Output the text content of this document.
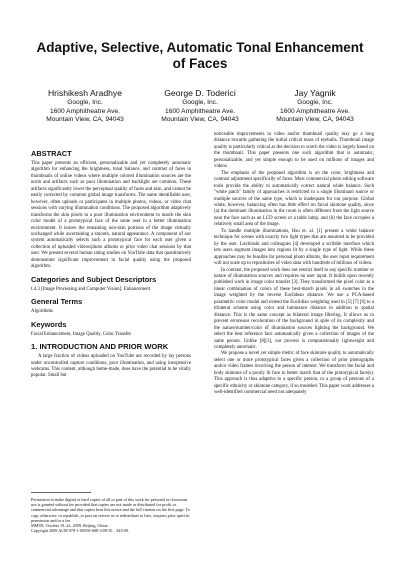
Adaptive, Selective, Automatic Tonal Enhancement of Faces
Hrishikesh Aradhye
Google, Inc.
1600 Amphitheatre Ave.
Mountain View, CA, 94043
George D. Toderici
Google, Inc.
1600 Amphitheatre Ave.
Mountain View, CA, 94043
Jay Yagnik
Google, Inc.
1600 Amphitheatre Ave.
Mountain View, CA, 94043
ABSTRACT

This paper presents an efficient, personalizable and yet completely automatic algorithm for enhancing the brightness, tonal balance, and contrast of faces in thumbnails of online videos where multiple colored illumination sources are the norm and artifacts such as poor illumination and backlight are common. These artifacts significantly lower the perceptual quality of faces and skin, and cannot be easily corrected by common global image transforms. The same identifiable user, however, often uploads or participates in multiple photos, videos, or video chat sessions with varying illumination conditions. The proposed algorithm adaptively transforms the skin pixels in a poor illumination environment to match the skin color model of a prototypical face of the same user in a better illumination environment. It leaves the remaining non-skin portions of the image virtually unchanged while ascertaining a smooth, natural appearance. A component of our system automatically selects such a prototypical face for each user given a collection of uploaded videos/photo albums or prior video chat sessions by that user. We present several human rating studies on YouTube data that quantitatively demonstrate significant improvement in facial quality using the proposed algorithm.

Categories and Subject Descriptors

I.4.3 [Image Processing and Computer Vision]: Enhancement

General Terms

Algorithms

Keywords

Facial Enhancement, Image Quality, Color Transfer

1. INTRODUCTION AND PRIOR WORK

A large fraction of videos uploaded on YouTube are recorded by lay persons under uncontrolled capture conditions, poor illumination, and using inexpensive webcams. This content, although home-made, does have the potential to be vitally popular. Small but

Permission to make digital or hard copies of all or part of this work for personal or classroom use is granted without fee provided that copies are not made or distributed for profit or commercial advantage and that copies bear this notice and the full citation on the first page. To copy otherwise, to republish, to post on servers or to redistribute to lists, requires prior specific permission and/or a fee.

MM'09, October 19–24, 2009, Beijing, China.

Copyright 2009 ACM 978-1-60558-608-3/09/10 ...$10.00.

noticeable improvements in video and/or thumbnail quality may go a long distance towards gathering the initial critical mass of eyeballs. Thumbnail image quality is particularly critical as the decision to watch the video is largely based on the thumbnail. This paper presents one such algorithm that is automatic, personalizable, and yet simple enough to be used on millions of images and videos.

The emphasis of the proposed algorithm is on the color, brightness and contrast adjustment specifically of faces. Most commercial photo editing software tools provide the ability to automatically correct natural white balance. Such "white patch" family of approaches is restricted to a single illuminant source or multiple sources of the same type, which is inadequate for our purpose. Global white, however, balancing often has little effect on facial skintone quality, since (a) the dominant illumination in the room is often different from the light source near the face such as an LCD screen or a table lamp, and (b) the face occupies a relatively small area of the image.

To handle multiple illuminations, Hsu et. al. [1] present a white balance technique for scenes with exactly two light types that are assumed to be provided by the user. Lischinski and colleagues [4] developed a scribble interface which lets users segment images into regions lit by a single type of light. While these approaches may be feasible for personal photo albums, the user input requirement will not scale up to repositories of video data with hundreds of millions of videos.

In contrast, the proposed work does not restrict itself to any specific number or nature of illumination sources and requires no user input. It builds upon recently published work in image color transfer [3]. They transformed the pixel color as a linear combination of colors of these best-match pixels in all swatches in the image weighted by the inverse Euclidean distance. We use a PCA-based parametric color model and extend the Euclidian weighting used in [5] [7] [6] to a trilateral scheme using color and luminance distance in addition to spatial distance. This is the same concept as bilateral image filtering. It allows us to prevent erroneous recoloration of the background in spite of its complexity and the nature/number/color of illumination sources lighting the background. We select the best reference face automatically given a collection of images of the same person. Unlike [8][3], our process is computationally lightweight and completely automatic.

We propose a novel yet simple metric of face skintone quality to automatically select one or more prototypical faces given a collection of prior photographs and/or video frames involving the person of interest. We transform the facial and body skintone of a poorly lit face to better match that of the prototypical face(s). This approach is thus adaptive to a specific person, or a group of persons of a specific ethnicity or skintone category, if so modeled. This paper work addresses a well-identified commercial need not adequately
